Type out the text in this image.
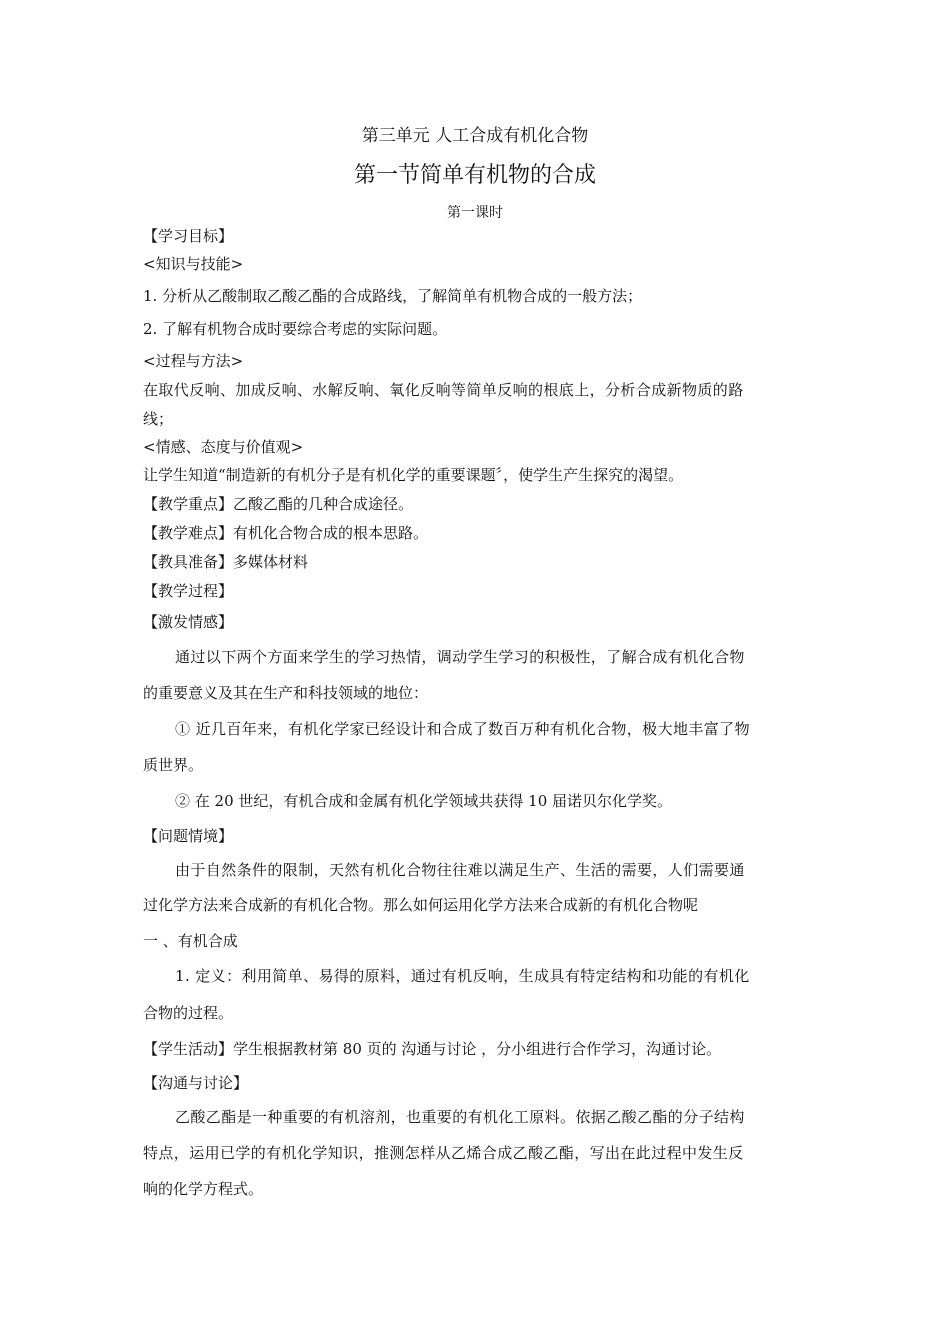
第三单元 人工合成有机化合物
第一节简单有机物的合成
第一课时
【学习目标】
<知识与技能>
1. 分析从乙酸制取乙酸乙酯的合成路线，了解简单有机物合成的一般方法；
2. 了解有机物合成时要综合考虑的实际问题。
<过程与方法>
在取代反响、加成反响、水解反响、氧化反响等简单反响的根底上，分析合成新物质的路
线；
<情感、态度与价值观>
让学生知道“制造新的有机分子是有机化学的重要课题〞，使学生产生探究的渴望。
【教学重点】乙酸乙酯的几种合成途径。
【教学难点】有机化合物合成的根本思路。
【教具准备】多媒体材料
【教学过程】
【激发情感】
通过以下两个方面来学生的学习热情，调动学生学习的积极性，了解合成有机化合物
的重要意义及其在生产和科技领域的地位：
① 近几百年来，有机化学家已经设计和合成了数百万种有机化合物，极大地丰富了物
质世界。
② 在 20 世纪，有机合成和金属有机化学领域共获得 10 届诺贝尔化学奖。
【问题情境】
由于自然条件的限制，天然有机化合物往往难以满足生产、生活的需要，人们需要通
过化学方法来合成新的有机化合物。那么如何运用化学方法来合成新的有机化合物呢
一 、有机合成
1. 定义：利用简单、易得的原料，通过有机反响，生成具有特定结构和功能的有机化
合物的过程。
【学生活动】学生根据教材第 80 页的 沟通与讨论 ，分小组进行合作学习，沟通讨论。
【沟通与讨论】
乙酸乙酯是一种重要的有机溶剂，也重要的有机化工原料。依据乙酸乙酯的分子结构
特点，运用已学的有机化学知识，推测怎样从乙烯合成乙酸乙酯，写出在此过程中发生反
响的化学方程式。
